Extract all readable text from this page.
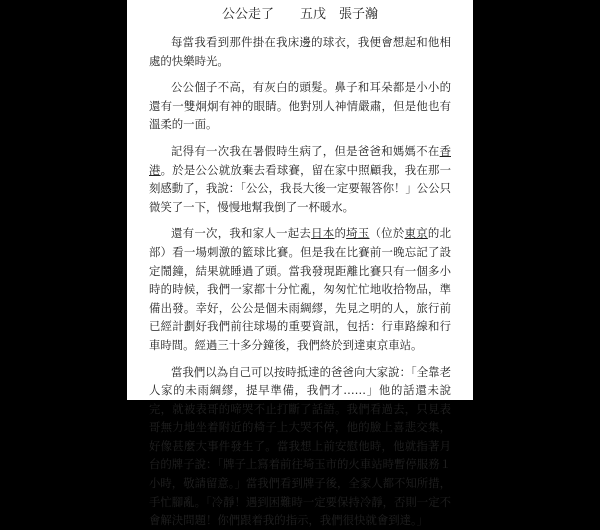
公公走了　　五戊　張子瀚
每當我看到那件掛在我床邊的球衣，我便會想起和他相處的快樂時光。
公公個子不高，有灰白的頭髮。鼻子和耳朵都是小小的還有一雙炯炯有神的眼睛。他對別人神情嚴肅，但是他也有溫柔的一面。
記得有一次我在暑假時生病了，但是爸爸和媽媽不在香港。於是公公就放棄去看球賽，留在家中照顧我，我在那一刻感動了，我說：「公公，我長大後一定要報答你！」公公只微笑了一下，慢慢地幫我倒了一杯暖水。
還有一次，我和家人一起去日本的埼玉（位於東京的北部）看一場刺激的籃球比賽。但是我在比賽前一晚忘記了設定鬧鐘，結果就睡過了頭。當我發現距離比賽只有一個多小時的時候，我們一家都十分忙亂，匆匆忙忙地收拾物品，準備出發。幸好，公公是個未雨綢繆，先見之明的人，旅行前已經計劃好我們前往球場的重要資訊，包括：行車路線和行車時間。經過三十多分鐘後，我們終於到達東京車站。
當我們以為自己可以按時抵達的爸爸向大家說：「全靠老人家的未雨綢繆，提早準備，我們才……」他的話還未說完，就被表哥的啼哭不止打斷了話語。我們看過去，只見表哥無力地坐着附近的椅子上大哭不停，他的臉上喜悲交集，好像甚麼大事件發生了。當我想上前安慰他時，他就指著月台的牌子說：「牌子上寫着前往埼玉市的火車站時暫停服務１小時，敬請留意。」當我們看到牌子後，全家人都不知所措，手忙腳亂。「冷靜！遇到困難時一定要保持冷靜，否則一定不會解決問題！你們跟着我的指示，我們很快就會到達。」
